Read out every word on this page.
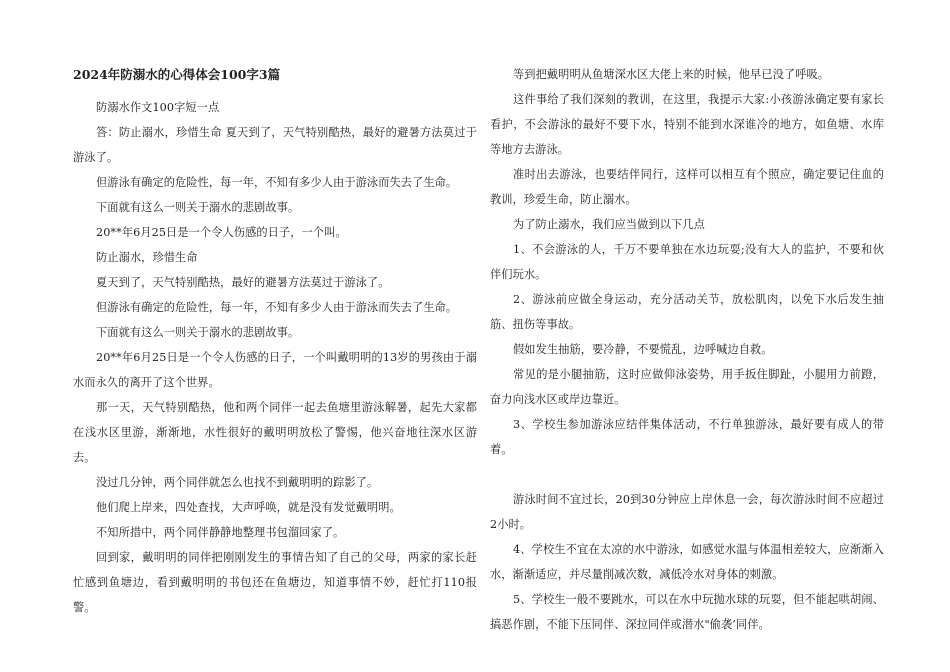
2024年防溺水的心得体会100字3篇

防溺水作文100字短一点

答：防止溺水，珍惜生命 夏天到了，天气特别酷热，最好的避暑方法莫过于游泳了。

但游泳有确定的危险性，每一年，不知有多少人由于游泳而失去了生命。

下面就有这么一则关于溺水的悲剧故事。

20**年6月25日是一个令人伤感的日子，一个叫。

防止溺水，珍惜生命

夏天到了，天气特别酷热，最好的避暑方法莫过于游泳了。

但游泳有确定的危险性，每一年，不知有多少人由于游泳而失去了生命。

下面就有这么一则关于溺水的悲剧故事。

20**年6月25日是一个令人伤感的日子，一个叫戴明明的13岁的男孩由于溺水而永久的离开了这个世界。

那一天，天气特别酷热，他和两个同伴一起去鱼塘里游泳解暑，起先大家都在浅水区里游，渐渐地，水性很好的戴明明放松了警惕，他兴奋地往深水区游去。

没过几分钟，两个同伴就怎么也找不到戴明明的踪影了。

他们爬上岸来，四处查找，大声呼唤，就是没有发觉戴明明。

不知所措中，两个同伴静静地整理书包溜回家了。

回到家，戴明明的同伴把刚刚发生的事情告知了自己的父母，两家的家长赶忙感到鱼塘边，看到戴明明的书包还在鱼塘边，知道事情不妙，赶忙打110报警。

等到把戴明明从鱼塘深水区大佬上来的时候，他早已没了呼吸。

这件事给了我们深刻的教训，在这里，我提示大家:小孩游泳确定要有家长看护，不会游泳的最好不要下水，特别不能到水深谁冷的地方，如鱼塘、水库等地方去游泳。

准时出去游泳，也要结伴同行，这样可以相互有个照应，确定要记住血的教训，珍爱生命，防止溺水。

为了防止溺水，我们应当做到以下几点

1、不会游泳的人，千万不要单独在水边玩耍;没有大人的监护，不要和伙伴们玩水。

2、游泳前应做全身运动，充分活动关节，放松肌肉，以免下水后发生抽筋、扭伤等事故。

假如发生抽筋，要冷静，不要慌乱，边呼喊边自救。

常见的是小腿抽筋，这时应做仰泳姿势，用手扳住脚趾，小腿用力前蹬，奋力向浅水区或岸边靠近。

3、学校生参加游泳应结伴集体活动，不行单独游泳，最好要有成人的带着。

游泳时间不宜过长，20到30分钟应上岸休息一会，每次游泳时间不应超过2小时。

4、学校生不宜在太凉的水中游泳，如感觉水温与体温相差较大，应渐渐入水，渐渐适应，并尽量削减次数，减低冷水对身体的刺激。

5、学校生一般不要跳水，可以在水中玩抛水球的玩耍，但不能起哄胡闹、搞恶作剧，不能下压同伴、深拉同伴或潜水"偷袭’同伴。
